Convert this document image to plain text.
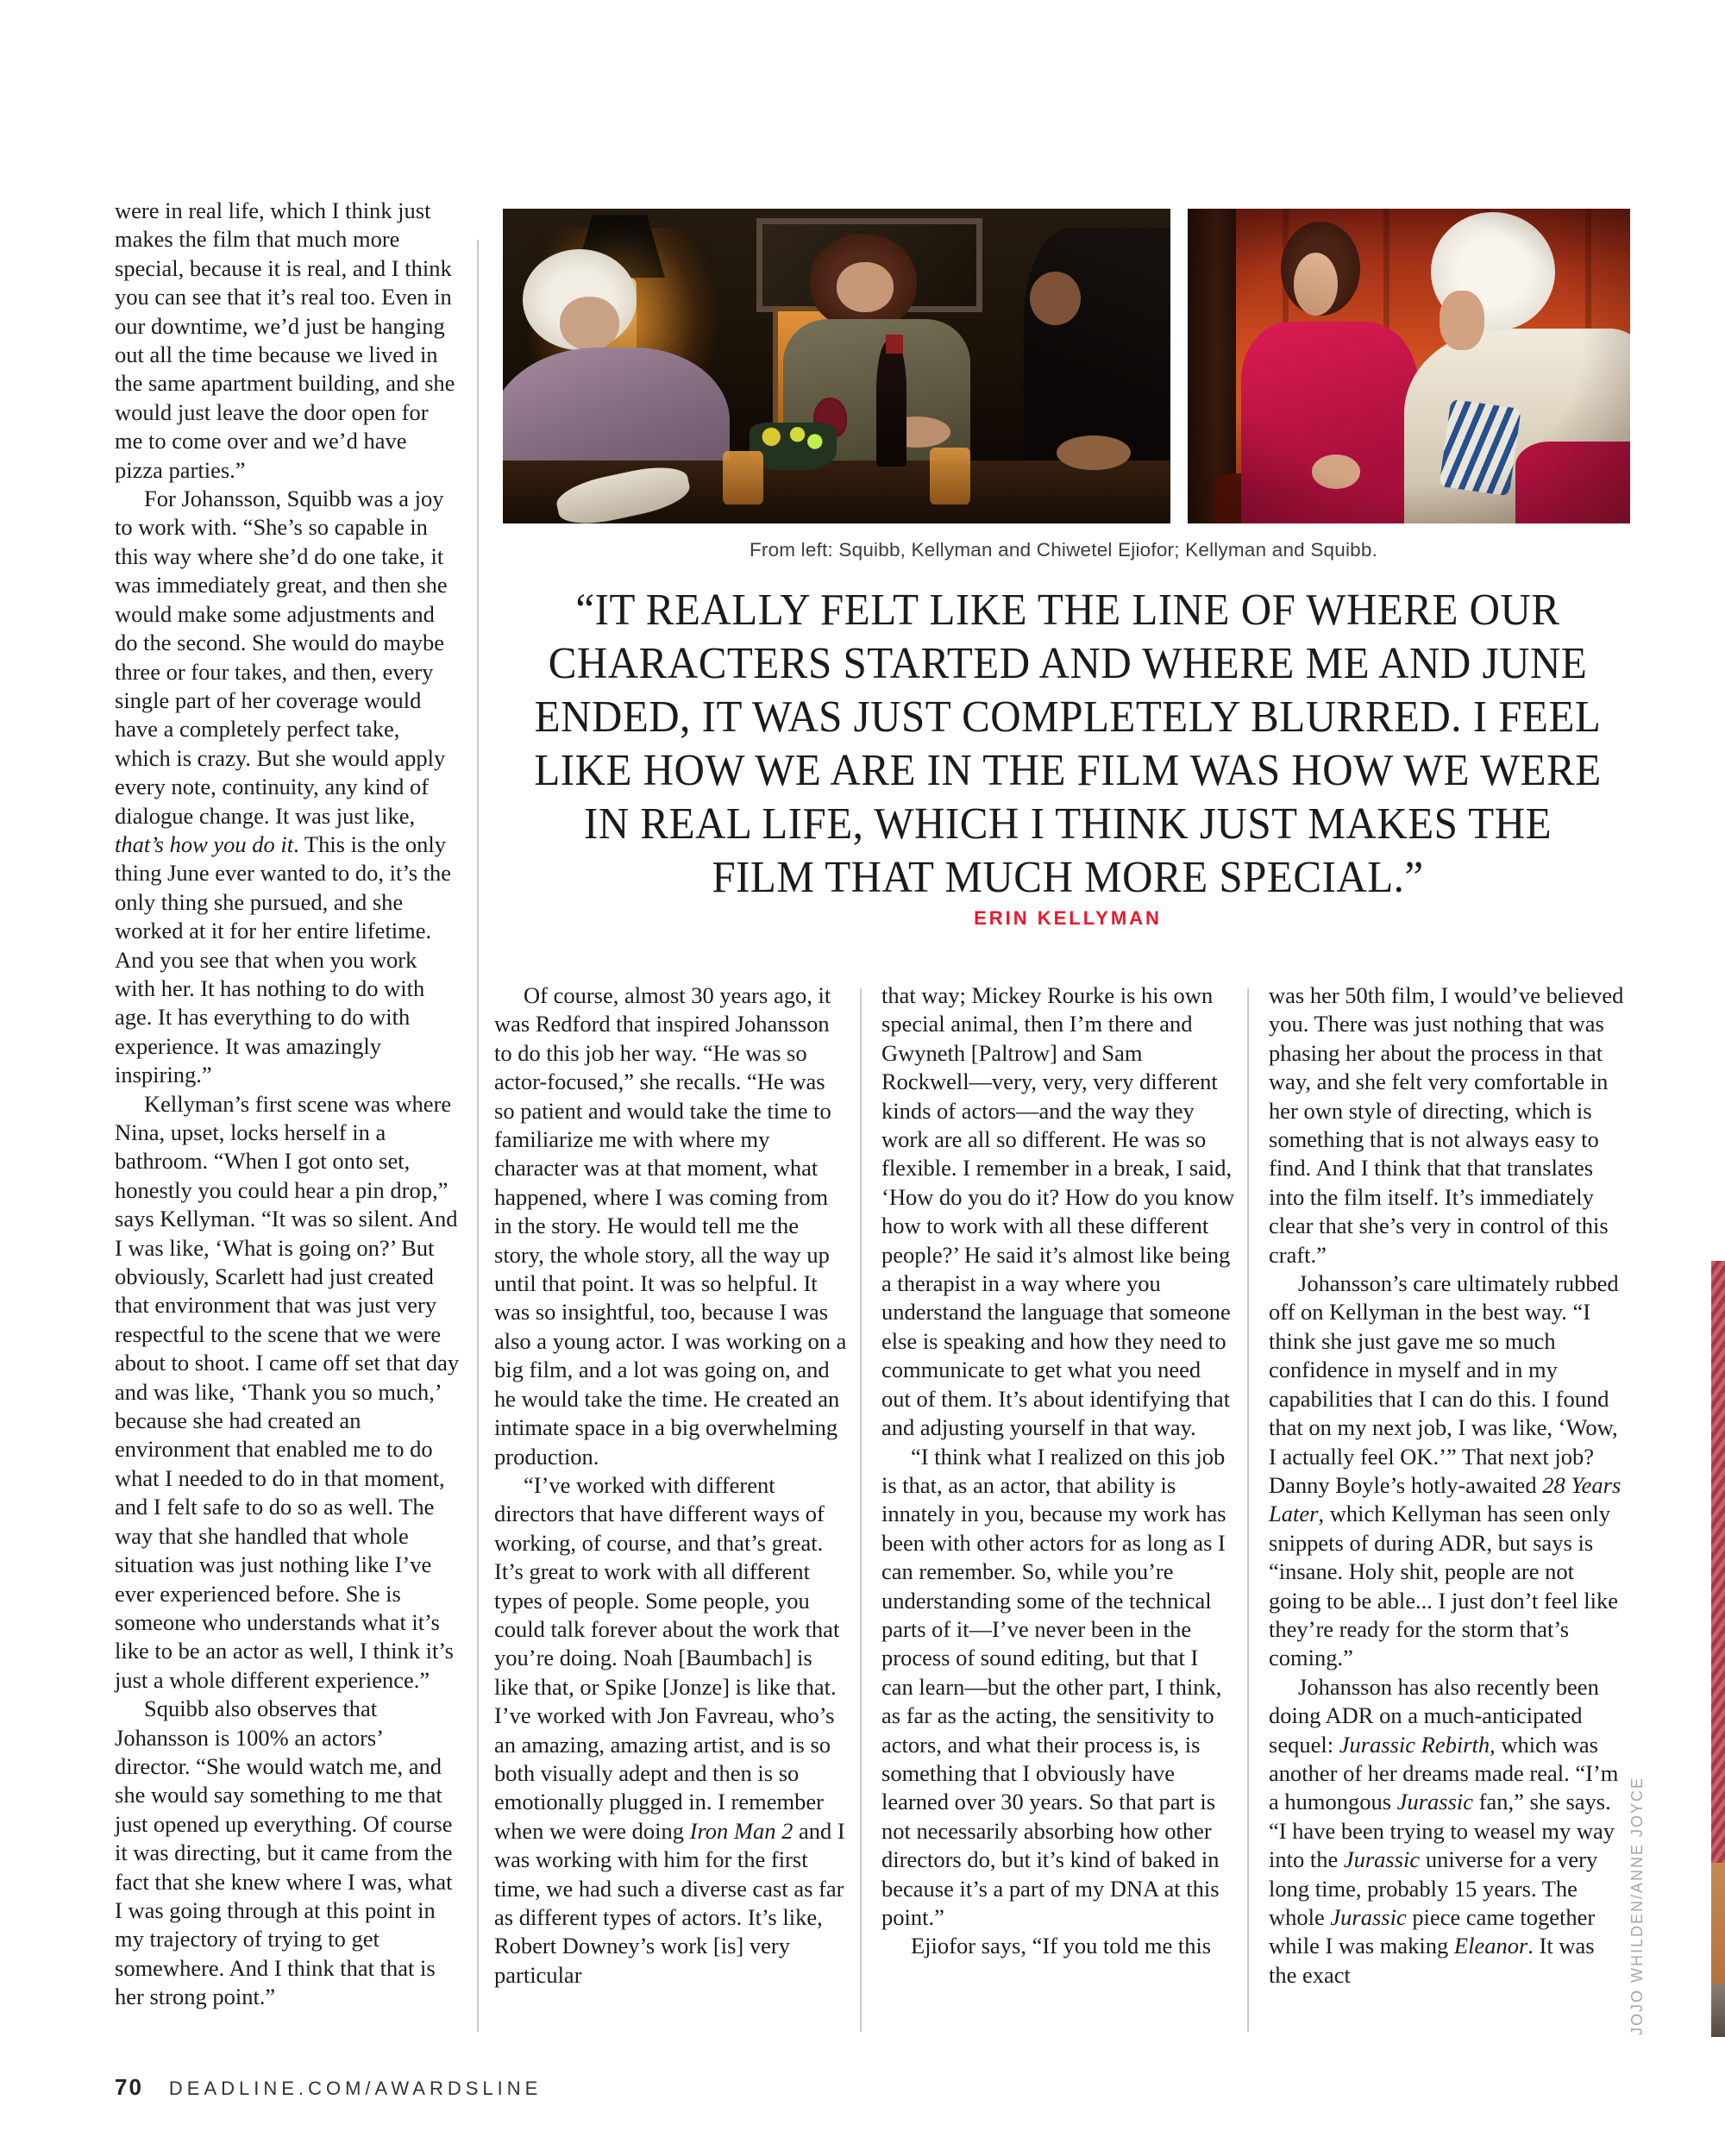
were in real life, which I think just makes the film that much more special, because it is real, and I think you can see that it’s real too. Even in our downtime, we’d just be hanging out all the time because we lived in the same apartment building, and she would just leave the door open for me to come over and we’d have pizza parties.”

For Johansson, Squibb was a joy to work with. “She’s so capable in this way where she’d do one take, it was immediately great, and then she would make some adjustments and do the second. She would do maybe three or four takes, and then, every single part of her coverage would have a completely perfect take, which is crazy. But she would apply every note, continuity, any kind of dialogue change. It was just like, that’s how you do it. This is the only thing June ever wanted to do, it’s the only thing she pursued, and she worked at it for her entire lifetime. And you see that when you work with her. It has nothing to do with age. It has everything to do with experience. It was amazingly inspiring.”

Kellyman’s first scene was where Nina, upset, locks herself in a bathroom. “When I got onto set, honestly you could hear a pin drop,” says Kellyman. “It was so silent. And I was like, ‘What is going on?’ But obviously, Scarlett had just created that environment that was just very respectful to the scene that we were about to shoot. I came off set that day and was like, ‘Thank you so much,’ because she had created an environment that enabled me to do what I needed to do in that moment, and I felt safe to do so as well. The way that she handled that whole situation was just nothing like I’ve ever experienced before. She is someone who understands what it’s like to be an actor as well, I think it’s just a whole different experience.”

Squibb also observes that Johansson is 100% an actors’ director. “She would watch me, and she would say something to me that just opened up everything. Of course it was directing, but it came from the fact that she knew where I was, what I was going through at this point in my trajectory of trying to get somewhere. And I think that that is her strong point.”

From left: Squibb, Kellyman and Chiwetel Ejiofor; Kellyman and Squibb.
“IT REALLY FELT LIKE THE LINE OF WHERE OUR
CHARACTERS STARTED AND WHERE ME AND JUNE
ENDED, IT WAS JUST COMPLETELY BLURRED. I FEEL
LIKE HOW WE ARE IN THE FILM WAS HOW WE WERE
IN REAL LIFE, WHICH I THINK JUST MAKES THE
FILM THAT MUCH MORE SPECIAL.”
ERIN KELLYMAN

Of course, almost 30 years ago, it was Redford that inspired Johansson to do this job her way. “He was so actor-focused,” she recalls. “He was so patient and would take the time to familiarize me with where my character was at that moment, what happened, where I was coming from in the story. He would tell me the story, the whole story, all the way up until that point. It was so helpful. It was so insightful, too, because I was also a young actor. I was working on a big film, and a lot was going on, and he would take the time. He created an intimate space in a big overwhelming production.

“I’ve worked with different directors that have different ways of working, of course, and that’s great. It’s great to work with all different types of people. Some people, you could talk forever about the work that you’re doing. Noah [Baumbach] is like that, or Spike [Jonze] is like that. I’ve worked with Jon Favreau, who’s an amazing, amazing artist, and is so both visually adept and then is so emotionally plugged in. I remember when we were doing Iron Man 2 and I was working with him for the first time, we had such a diverse cast as far as different types of actors. It’s like, Robert Downey’s work [is] very particular

that way; Mickey Rourke is his own special animal, then I’m there and Gwyneth [Paltrow] and Sam Rockwell—very, very, very different kinds of actors—and the way they work are all so different. He was so flexible. I remember in a break, I said, ‘How do you do it? How do you know how to work with all these different people?’ He said it’s almost like being a therapist in a way where you understand the language that someone else is speaking and how they need to communicate to get what you need out of them. It’s about identifying that and adjusting yourself in that way.

“I think what I realized on this job is that, as an actor, that ability is innately in you, because my work has been with other actors for as long as I can remember. So, while you’re understanding some of the technical parts of it—I’ve never been in the process of sound editing, but that I can learn—but the other part, I think, as far as the acting, the sensitivity to actors, and what their process is, is something that I obviously have learned over 30 years. So that part is not necessarily absorbing how other directors do, but it’s kind of baked in because it’s a part of my DNA at this point.”

Ejiofor says, “If you told me this

was her 50th film, I would’ve believed you. There was just nothing that was phasing her about the process in that way, and she felt very comfortable in her own style of directing, which is something that is not always easy to find. And I think that that translates into the film itself. It’s immediately clear that she’s very in control of this craft.”

Johansson’s care ultimately rubbed off on Kellyman in the best way. “I think she just gave me so much confidence in myself and in my capabilities that I can do this. I found that on my next job, I was like, ‘Wow, I actually feel OK.’” That next job? Danny Boyle’s hotly-awaited 28 Years Later, which Kellyman has seen only snippets of during ADR, but says is “insane. Holy shit, people are not going to be able... I just don’t feel like they’re ready for the storm that’s coming.”

Johansson has also recently been doing ADR on a much-anticipated sequel: Jurassic Rebirth, which was another of her dreams made real. “I’m a humongous Jurassic fan,” she says. “I have been trying to weasel my way into the Jurassic universe for a very long time, probably 15 years. The whole Jurassic piece came together while I was making Eleanor. It was the exact

70 DEADLINE.COM/AWARDSLINE
JOJO WHILDEN/ANNE JOYCE
